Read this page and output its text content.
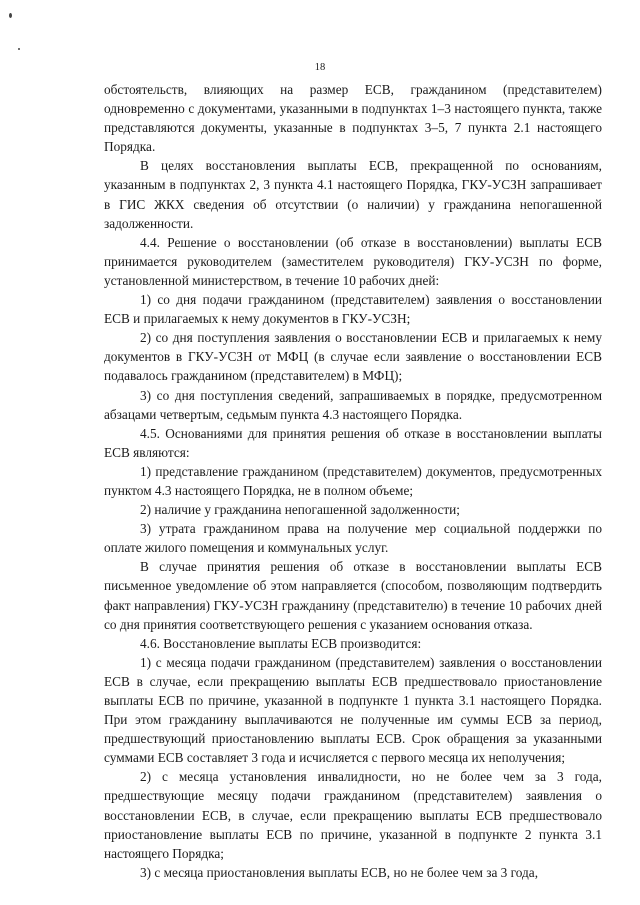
18

обстоятельств, влияющих на размер ЕСВ, гражданином (представителем) одновременно с документами, указанными в подпунктах 1–3 настоящего пункта, также представляются документы, указанные в подпунктах 3–5, 7 пункта 2.1 настоящего Порядка.

В целях восстановления выплаты ЕСВ, прекращенной по основаниям, указанным в подпунктах 2, 3 пункта 4.1 настоящего Порядка, ГКУ-УСЗН запрашивает в ГИС ЖКХ сведения об отсутствии (о наличии) у гражданина непогашенной задолженности.

4.4. Решение о восстановлении (об отказе в восстановлении) выплаты ЕСВ принимается руководителем (заместителем руководителя) ГКУ-УСЗН по форме, установленной министерством, в течение 10 рабочих дней:

1) со дня подачи гражданином (представителем) заявления о восстановлении ЕСВ и прилагаемых к нему документов в ГКУ-УСЗН;

2) со дня поступления заявления о восстановлении ЕСВ и прилагаемых к нему документов в ГКУ-УСЗН от МФЦ (в случае если заявление о восстановлении ЕСВ подавалось гражданином (представителем) в МФЦ);

3) со дня поступления сведений, запрашиваемых в порядке, предусмотренном абзацами четвертым, седьмым пункта 4.3 настоящего Порядка.

4.5. Основаниями для принятия решения об отказе в восстановлении выплаты ЕСВ являются:

1) представление гражданином (представителем) документов, предусмотренных пунктом 4.3 настоящего Порядка, не в полном объеме;

2) наличие у гражданина непогашенной задолженности;

3) утрата гражданином права на получение мер социальной поддержки по оплате жилого помещения и коммунальных услуг.

В случае принятия решения об отказе в восстановлении выплаты ЕСВ письменное уведомление об этом направляется (способом, позволяющим подтвердить факт направления) ГКУ-УСЗН гражданину (представителю) в течение 10 рабочих дней со дня принятия соответствующего решения с указанием основания отказа.

4.6. Восстановление выплаты ЕСВ производится:

1) с месяца подачи гражданином (представителем) заявления о восстановлении ЕСВ в случае, если прекращению выплаты ЕСВ предшествовало приостановление выплаты ЕСВ по причине, указанной в подпункте 1 пункта 3.1 настоящего Порядка. При этом гражданину выплачиваются не полученные им суммы ЕСВ за период, предшествующий приостановлению выплаты ЕСВ. Срок обращения за указанными суммами ЕСВ составляет 3 года и исчисляется с первого месяца их неполучения;

2) с месяца установления инвалидности, но не более чем за 3 года, предшествующие месяцу подачи гражданином (представителем) заявления о восстановлении ЕСВ, в случае, если прекращению выплаты ЕСВ предшествовало приостановление выплаты ЕСВ по причине, указанной в подпункте 2 пункта 3.1 настоящего Порядка;

3) с месяца приостановления выплаты ЕСВ, но не более чем за 3 года,
